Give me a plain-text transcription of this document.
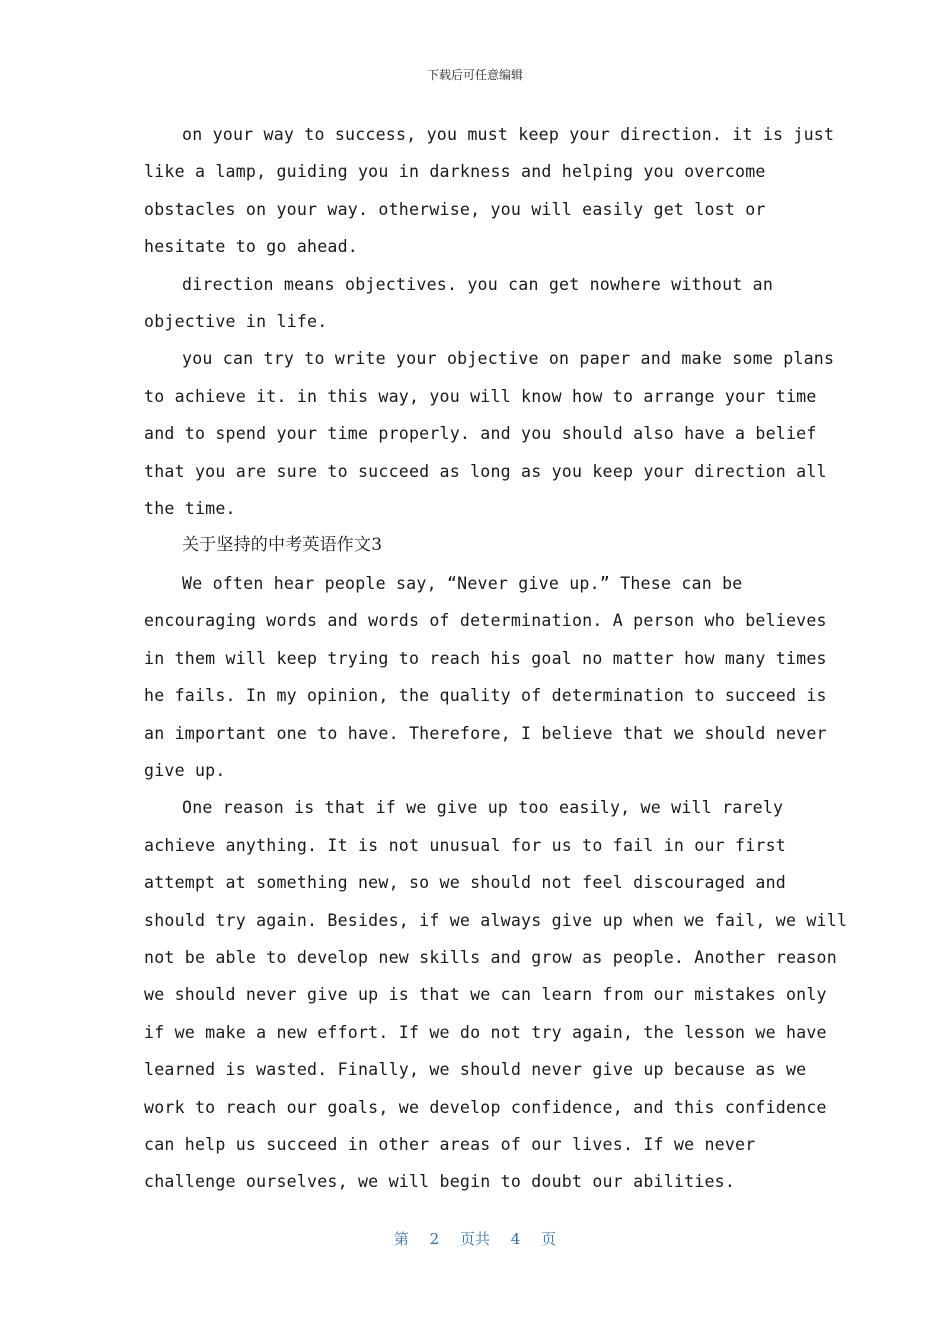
下载后可任意编辑

on your way to success, you must keep your direction. it is just

like a lamp, guiding you in darkness and helping you overcome

obstacles on your way. otherwise, you will easily get lost or

hesitate to go ahead.

direction means objectives. you can get nowhere without an

objective in life.

you can try to write your objective on paper and make some plans

to achieve it. in this way, you will know how to arrange your time

and to spend your time properly. and you should also have a belief

that you are sure to succeed as long as you keep your direction all

the time.

关于坚持的中考英语作文3

We often hear people say, “Never give up.” These can be

encouraging words and words of determination. A person who believes

in them will keep trying to reach his goal no matter how many times

he fails. In my opinion, the quality of determination to succeed is

an important one to have. Therefore, I believe that we should never

give up.

One reason is that if we give up too easily, we will rarely

achieve anything. It is not unusual for us to fail in our first

attempt at something new, so we should not feel discouraged and

should try again. Besides, if we always give up when we fail, we will

not be able to develop new skills and grow as people. Another reason

we should never give up is that we can learn from our mistakes only

if we make a new effort. If we do not try again, the lesson we have

learned is wasted. Finally, we should never give up because as we

work to reach our goals, we develop confidence, and this confidence

can help us succeed in other areas of our lives. If we never

challenge ourselves, we will begin to doubt our abilities.

第 2 页共 4 页
